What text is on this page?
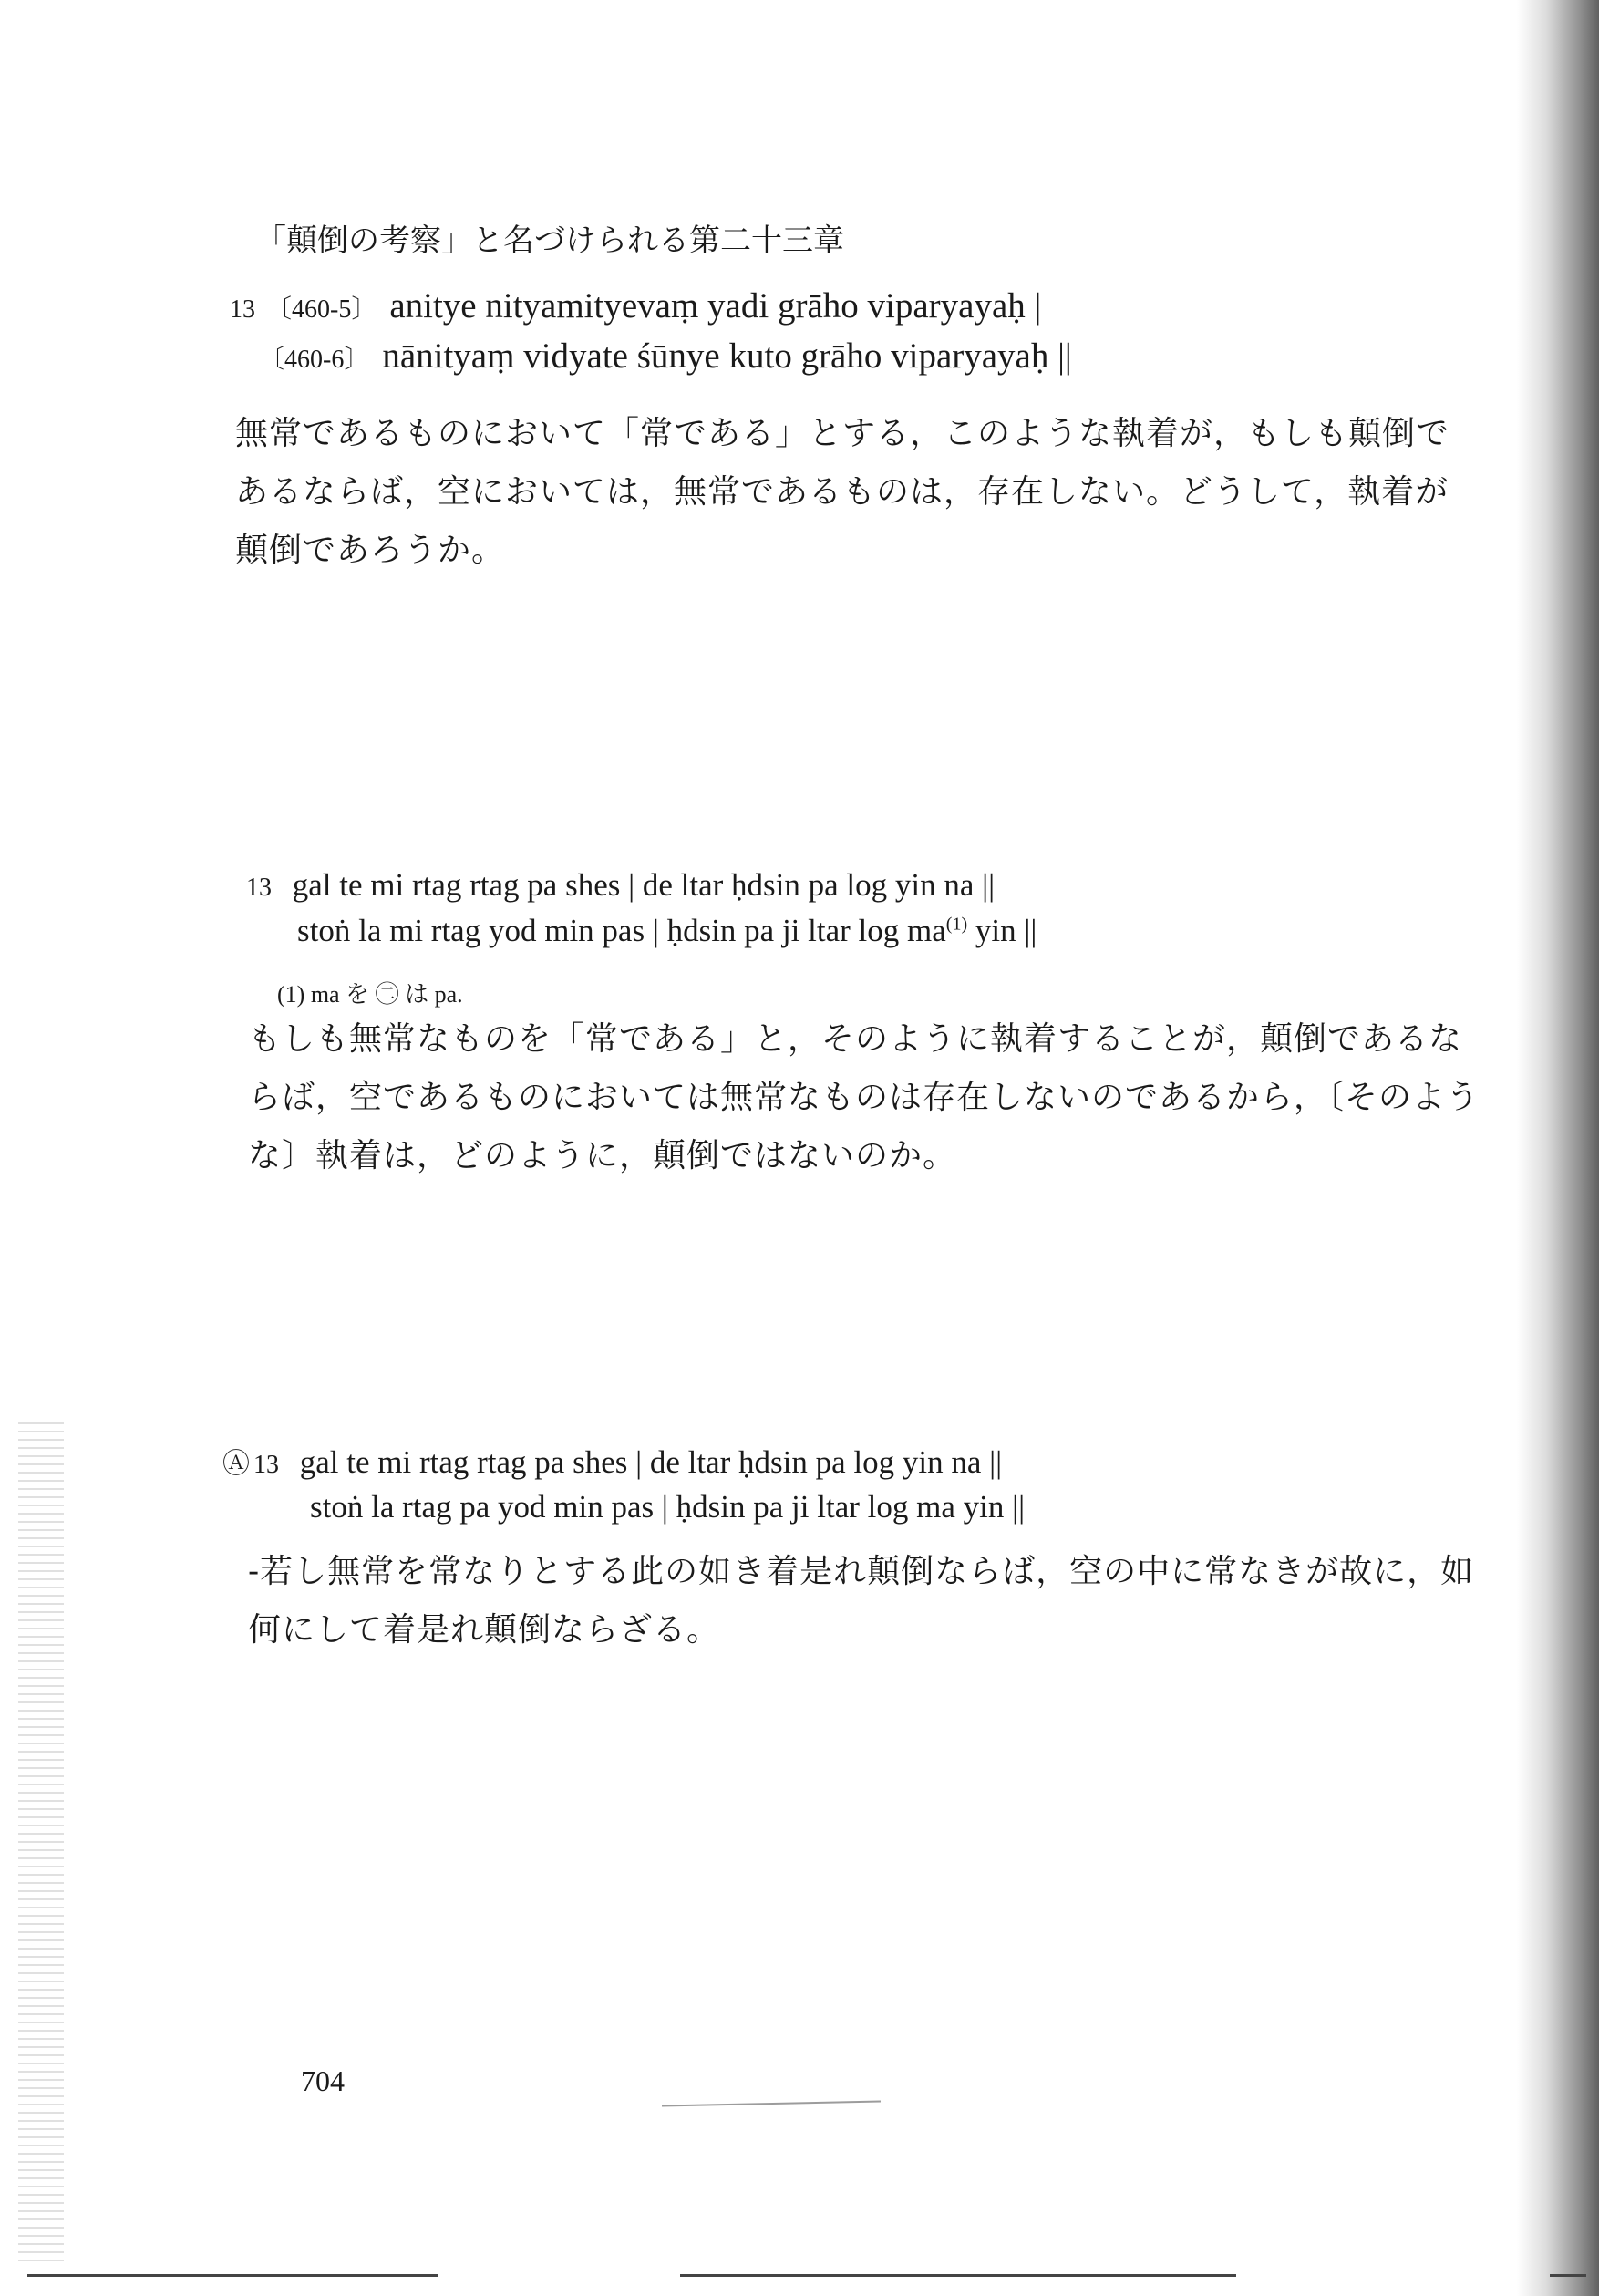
「顛倒の考察」と名づけられる第二十三章
13 〔460-5〕 anitye nityamityevaṃ yadi grāho viparyayaḥ |
〔460-6〕 nānityaṃ vidyate śūnye kuto grāho viparyayaḥ ||
無常であるものにおいて「常である」とする，このような執着が，もしも顛倒で
あるならば，空においては，無常であるものは，存在しない。どうして，執着が
顛倒であろうか。
13 gal te mi rtag rtag pa shes | de ltar ḥdsin pa log yin na ||
stoṅ la mi rtag yod min pas | ḥdsin pa ji ltar $\log ma^{(1)}$ yin ||
(1) ma を ㊁ は pa.
もしも無常なものを「常である」と，そのように執着することが，顛倒であるな
らば，空であるものにおいては無常なものは存在しないのであるから，〔そのよう
な〕執着は，どのように，顛倒ではないのか。
Ⓐ 13 gal te mi rtag rtag pa shes | de ltar ḥdsin pa log yin na ||
stoṅ la rtag pa yod min pas | ḥdsin pa ji ltar log ma yin ||
-若し無常を常なりとする此の如き着是れ顛倒ならば，空の中に常なきが故に，如
何にして着是れ顛倒ならざる。
704
